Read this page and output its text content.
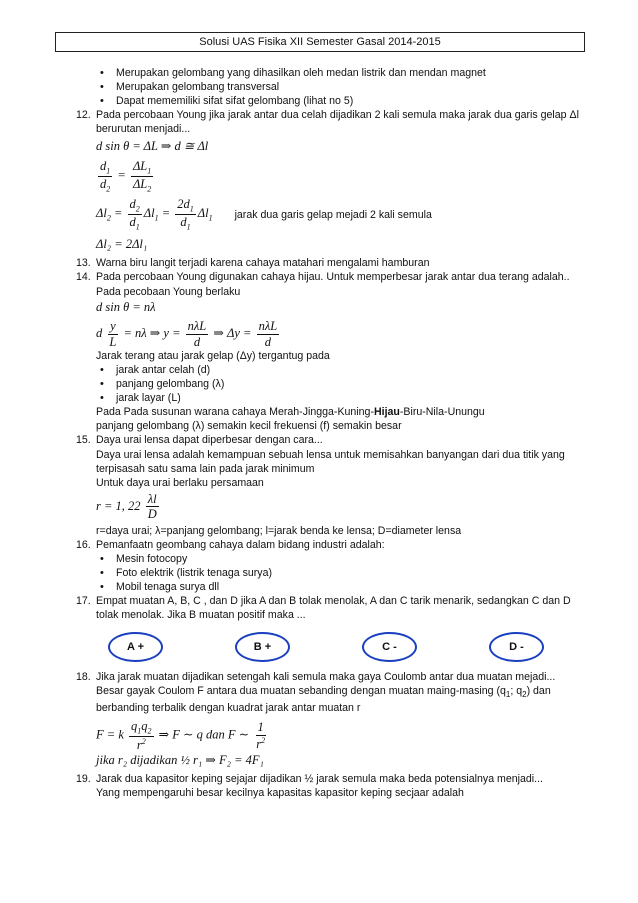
Solusi UAS Fisika XII Semester Gasal 2014-2015
• Merupakan gelombang yang dihasilkan oleh medan listrik dan mendan magnet
• Merupakan gelombang transversal
• Dapat mememiliki sifat sifat gelombang (lihat no 5)
12. Pada percobaan Young jika jarak antar dua celah dijadikan 2 kali semula maka jarak dua garis gelap Δl berurutan menjadi...
d sin θ = ΔL ⇒ d ≅ Δl
$\frac{d_1}{d_2} = \frac{\Delta L_1}{\Delta L_2}$
$\Delta l_2 = \frac{d_2}{d_1} \Delta l_1 = \frac{2d_1}{d_1} \Delta l_1$ jarak dua garis gelap mejadi 2 kali semula
Δl₂ = 2Δl₁
13. Warna biru langit terjadi karena cahaya matahari mengalami hamburan
14. Pada percobaan Young digunakan cahaya hijau. Untuk memperbesar jarak antar dua terang adalah..
Pada pecobaan Young berlaku
d sin θ = nλ
d $\frac{y}{L} = n\lambda$ ⇒ $y = \frac{\text{nλL}}{d}$ ⇒ $\Delta y = \frac{\text{nλL}}{d}$
Jarak terang atau jarak gelap (Δy) tergantug pada
• jarak antar celah (d)
• panjang gelombang (λ)
• jarak layar (L)
Pada Pada susunan warana cahaya Merah-Jingga-Kuning-Hijau-Biru-Nila-Unungu
panjang gelombang (λ) semakin kecil frekuensi (f) semakin besar
15. Daya urai lensa dapat diperbesar dengan cara...
Daya urai lensa adalah kemampuan sebuah lensa untuk memisahkan banyangan dari dua titik yang terpisasah satu sama lain pada jarak minimum
Untuk daya urai berlaku persamaan
r = 1, $22 \frac{\lambda l}{D}$
r=daya urai; λ=panjang gelombang; l=jarak benda ke lensa; D=diameter lensa
16. Pemanfaatn geombang cahaya dalam bidang industri adalah:
• Mesin fotocopy
• Foto elektrik (listrik tenaga surya)
• Mobil tenaga surya dll
17. Empat muatan A, B, C , dan D jika A dan B tolak menolak, A dan C tarik menarik, sedangkan C dan D tolak menolak. Jika B muatan positif maka ...
A +	B +	C -	D -
18. Jika jarak muatan dijadikan setengah kali semula maka gaya Coulomb antar dua muatan mejadi...
Besar gayak Coulom F antara dua muatan sebanding dengan muatan maing-masing ($q_1$; $q_2$) dan berbanding terbalik dengan kuadrat jarak antar muatan r
F = k $\frac{q_1q_2}{r^2}$ ⇒ F ∼ q dan F ∼ $\frac{1}{r^2}$
jika r₂ dijadikan ½ r₁ ⇒ F₂ = 4F₁
19. Jarak dua kapasitor keping sejajar dijadikan ½ jarak semula maka beda potensialnya menjadi...
Yang mempengaruhi besar kecilnya kapasitas kapasitor keping secjaar adalah
